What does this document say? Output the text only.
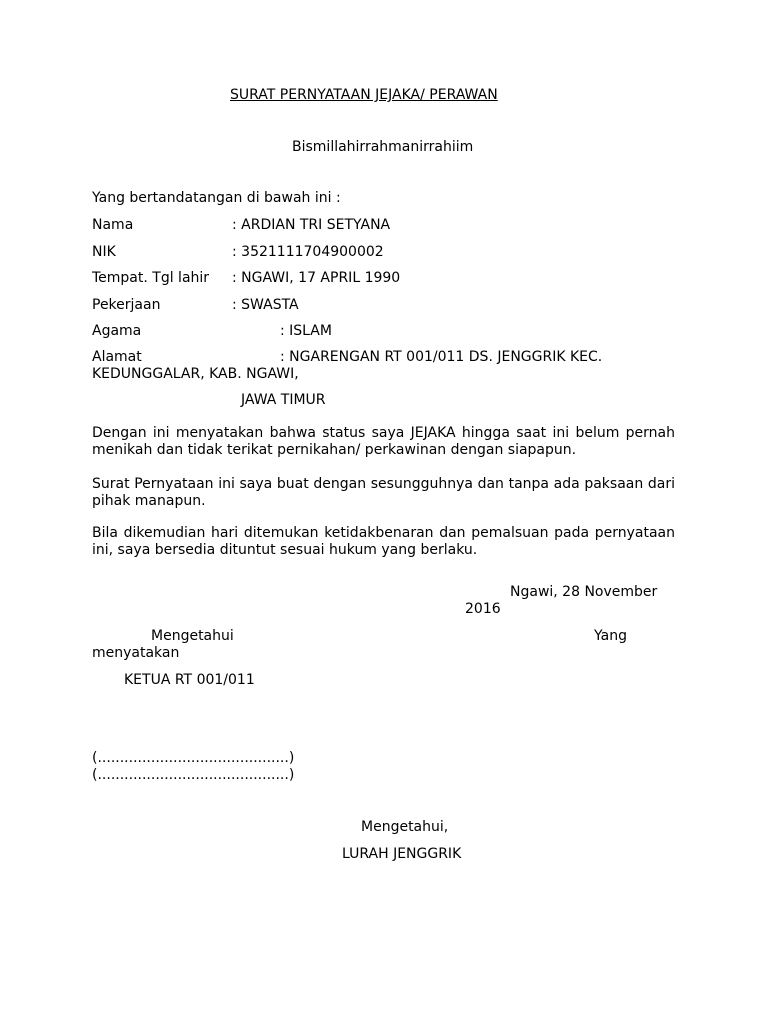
SURAT PERNYATAAN JEJAKA/ PERAWAN
Bismillahirrahmanirrahiim
Yang bertandatangan di bawah ini :
Nama	: ARDIAN TRI SETYANA
NIK	: 3521111704900002
Tempat. Tgl lahir : NGAWI, 17 APRIL 1990
Pekerjaan	: SWASTA
Agama	: ISLAM
Alamat	: NGARENGAN RT 001/011 DS. JENGGRIK KEC.
KEDUNGGALAR, KAB. NGAWI,
JAWA TIMUR
Dengan ini menyatakan bahwa status saya JEJAKA hingga saat ini belum pernah menikah dan tidak terikat pernikahan/ perkawinan dengan siapapun.
Surat Pernyataan ini saya buat dengan sesungguhnya dan tanpa ada paksaan dari pihak manapun.
Bila dikemudian hari ditemukan ketidakbenaran dan pemalsuan pada pernyataan ini, saya bersedia dituntut sesuai hukum yang berlaku.
Ngawi, 28 November
2016
Mengetahui	Yang
menyatakan
KETUA RT 001/011
(...........................................)
(...........................................)
Mengetahui,
LURAH JENGGRIK
